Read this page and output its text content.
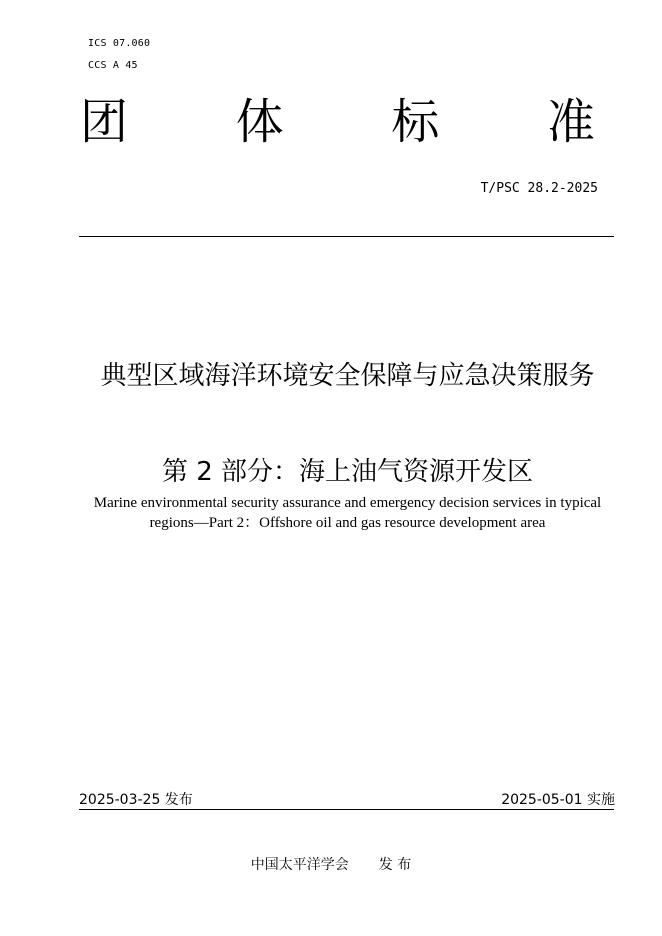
ICS 07.060
CCS A 45
团 体 标 准
T/PSC 28.2-2025
典型区域海洋环境安全保障与应急决策服务
第 2 部分：海上油气资源开发区
Marine environmental security assurance and emergency decision services in typical regions—Part 2：Offshore oil and gas resource development area
2025-03-25 发布	2025-05-01 实施
中国太平洋学会 发 布
